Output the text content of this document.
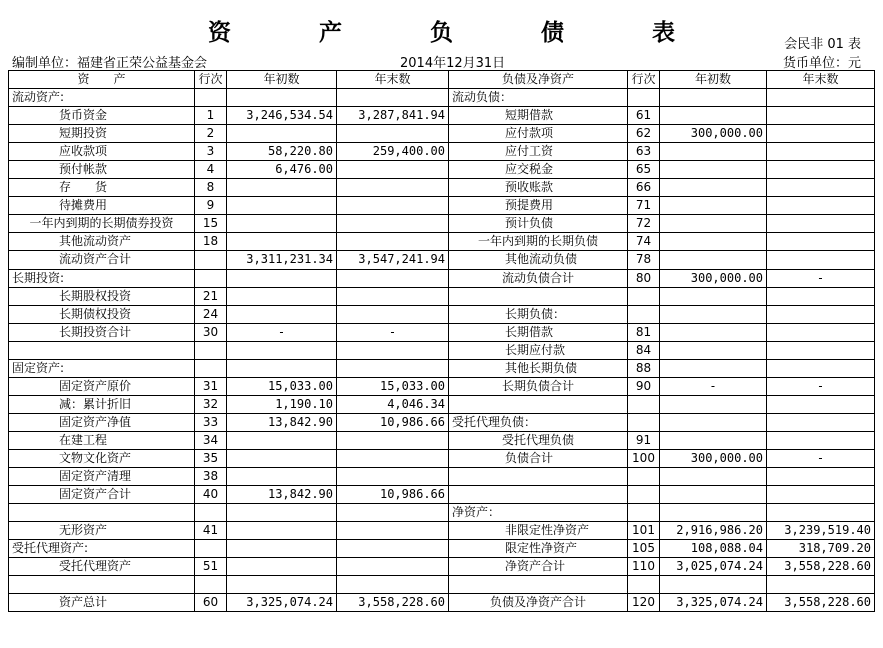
资 产 负 债 表	会民非 01 表
编制单位：福建省正荣公益基金会	2014年12月31日	货币单位：元
资　　产	行次	年初数	年末数	负债及净资产	行次	年初数	年末数
流动资产:				流动负债：			
货币资金	1	3,246,534.54	3,287,841.94	短期借款	61		
短期投资	2			应付款项	62	300,000.00	
应收款项	3	58,220.80	259,400.00	应付工资	63		
预付帐款	4	6,476.00		应交税金	65		
存　　货	8			预收账款	66		
待摊费用	9			预提费用	71		
一年内到期的长期债券投资	15			预计负债	72		
其他流动资产	18			一年内到期的长期负债	74		
流动资产合计		3,311,231.34	3,547,241.94	其他流动负债	78		
长期投资:				流动负债合计	80	300,000.00	-
长期股权投资	21						
长期债权投资	24			长期负债：			
长期投资合计	30	-	-	长期借款	81		
				长期应付款	84		
固定资产:				其他长期负债	88		
固定资产原价	31	15,033.00	15,033.00	长期负债合计	90	-	-
减：累计折旧	32	1,190.10	4,046.34				
固定资产净值	33	13,842.90	10,986.66	受托代理负债：			
在建工程	34			受托代理负债	91		
文物文化资产	35			负债合计	100	300,000.00	-
固定资产清理	38						
固定资产合计	40	13,842.90	10,986.66				
				净资产：			
无形资产	41			非限定性净资产	101	2,916,986.20	3,239,519.40
受托代理资产:				限定性净资产	105	108,088.04	318,709.20
受托代理资产	51			净资产合计	110	3,025,074.24	3,558,228.60

资产总计	60	3,325,074.24	3,558,228.60	负债及净资产合计	120	3,325,074.24	3,558,228.60
